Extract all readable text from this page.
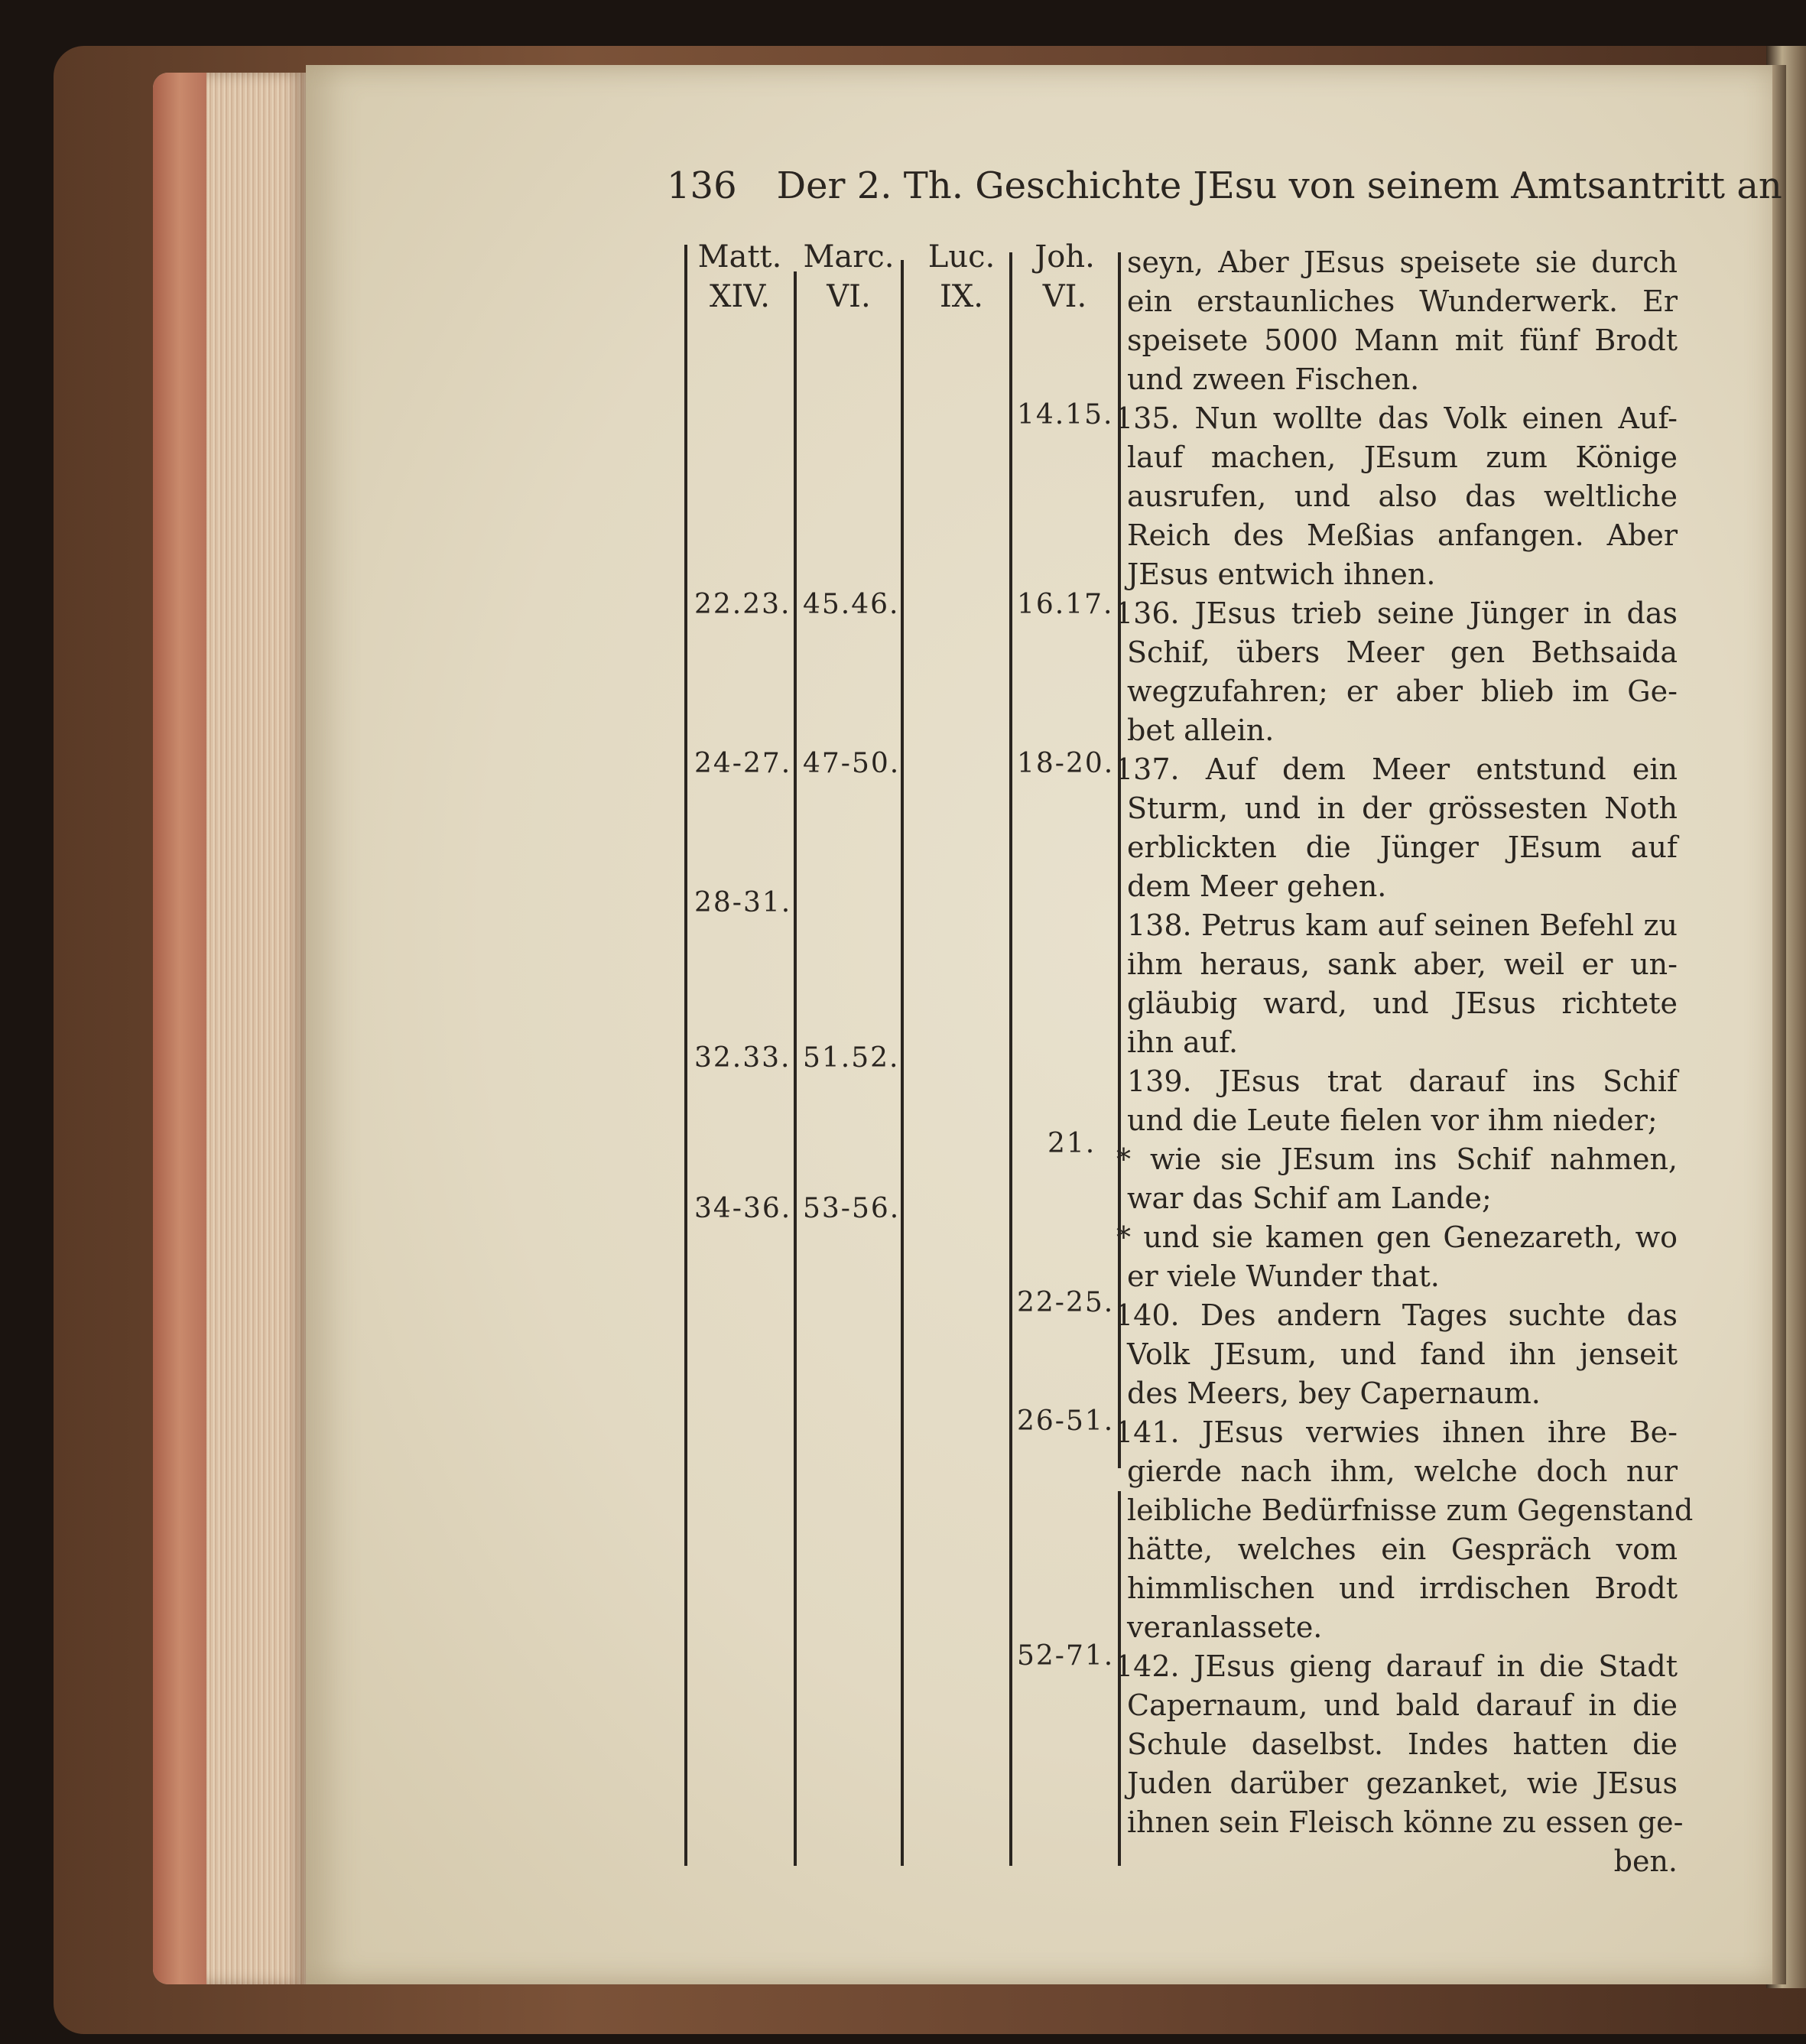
136 Der 2. Th. Geschichte JEsu von seinem Amtsantritt an
Matt.
XIV.
Marc.
VI.
Luc.
IX.
Joh.
VI.
22.23.
24-27.
28-31.
32.33.
34-36.
45.46.
47-50.
51.52.
53-56.
14.15.
16.17.
18-20.
21.
22-25.
26-51.
52-71.
seyn, Aber JEsus speisete sie durch
ein erstaunliches Wunderwerk. Er
speisete 5000 Mann mit fünf Brodt
und zween Fischen.
135. Nun wollte das Volk einen Auf-
lauf machen, JEsum zum Könige
ausrufen, und also das weltliche
Reich des Meßias anfangen. Aber
JEsus entwich ihnen.
136. JEsus trieb seine Jünger in das
Schif, übers Meer gen Bethsaida
wegzufahren; er aber blieb im Ge-
bet allein.
137. Auf dem Meer entstund ein
Sturm, und in der grössesten Noth
erblickten die Jünger JEsum auf
dem Meer gehen.
138. Petrus kam auf seinen Befehl zu
ihm heraus, sank aber, weil er un-
gläubig ward, und JEsus richtete
ihn auf.
139. JEsus trat darauf ins Schif
und die Leute fielen vor ihm nieder;
* wie sie JEsum ins Schif nahmen,
war das Schif am Lande;
* und sie kamen gen Genezareth, wo
er viele Wunder that.
140. Des andern Tages suchte das
Volk JEsum, und fand ihn jenseit
des Meers, bey Capernaum.
141. JEsus verwies ihnen ihre Be-
gierde nach ihm, welche doch nur
leibliche Bedürfnisse zum Gegenstand
hätte, welches ein Gespräch vom
himmlischen und irrdischen Brodt
veranlassete.
142. JEsus gieng darauf in die Stadt
Capernaum, und bald darauf in die
Schule daselbst. Indes hatten die
Juden darüber gezanket, wie JEsus
ihnen sein Fleisch könne zu essen ge-
ben.
